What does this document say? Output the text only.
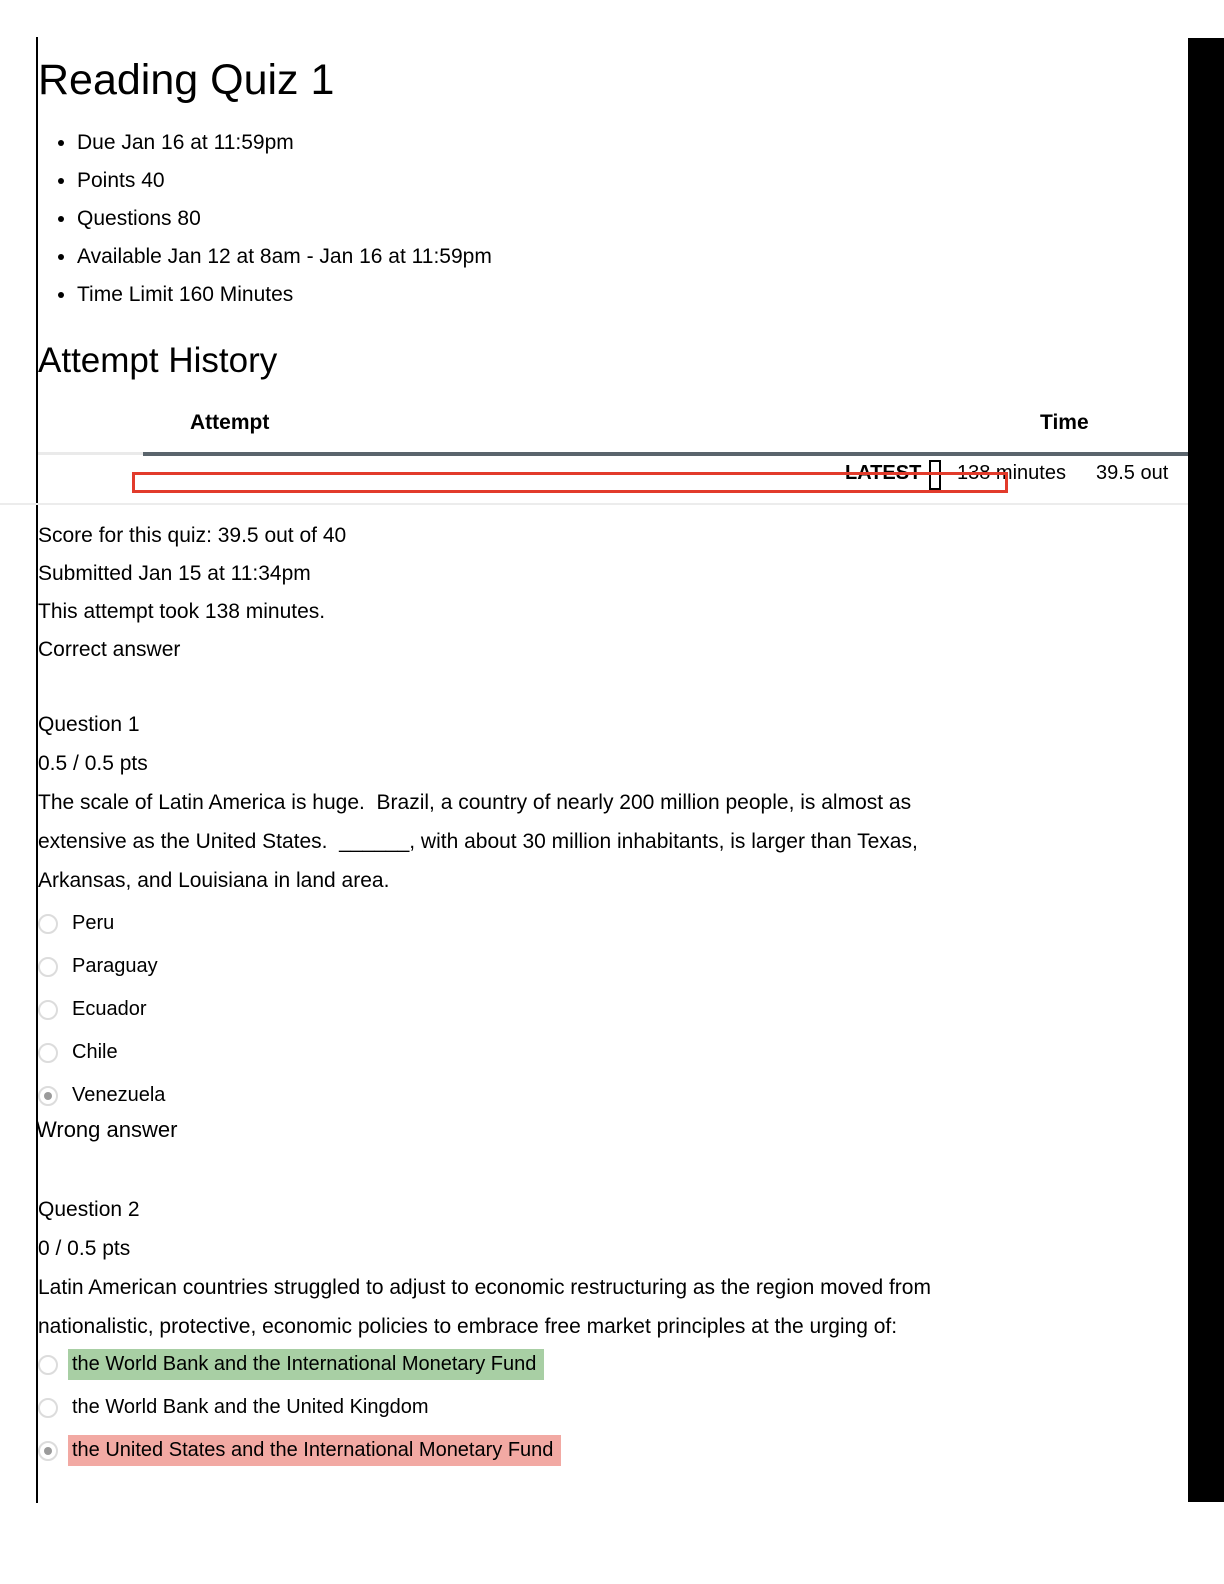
Reading Quiz 1
• Due Jan 16 at 11:59pm
• Points 40
• Questions 80
• Available Jan 12 at 8am - Jan 16 at 11:59pm
• Time Limit 160 Minutes
Attempt History
Attempt	Time
LATEST 138 minutes 39.5 out
Score for this quiz: 39.5 out of 40
Submitted Jan 15 at 11:34pm
This attempt took 138 minutes.
Correct answer
Question 1
0.5 / 0.5 pts
The scale of Latin America is huge.  Brazil, a country of nearly 200 million people, is almost as
extensive as the United States.  ______, with about 30 million inhabitants, is larger than Texas,
Arkansas, and Louisiana in land area.
Peru
Paraguay
Ecuador
Chile
Venezuela
Wrong answer
Question 2
0 / 0.5 pts
Latin American countries struggled to adjust to economic restructuring as the region moved from
nationalistic, protective, economic policies to embrace free market principles at the urging of:
the World Bank and the International Monetary Fund
the World Bank and the United Kingdom
the United States and the International Monetary Fund
